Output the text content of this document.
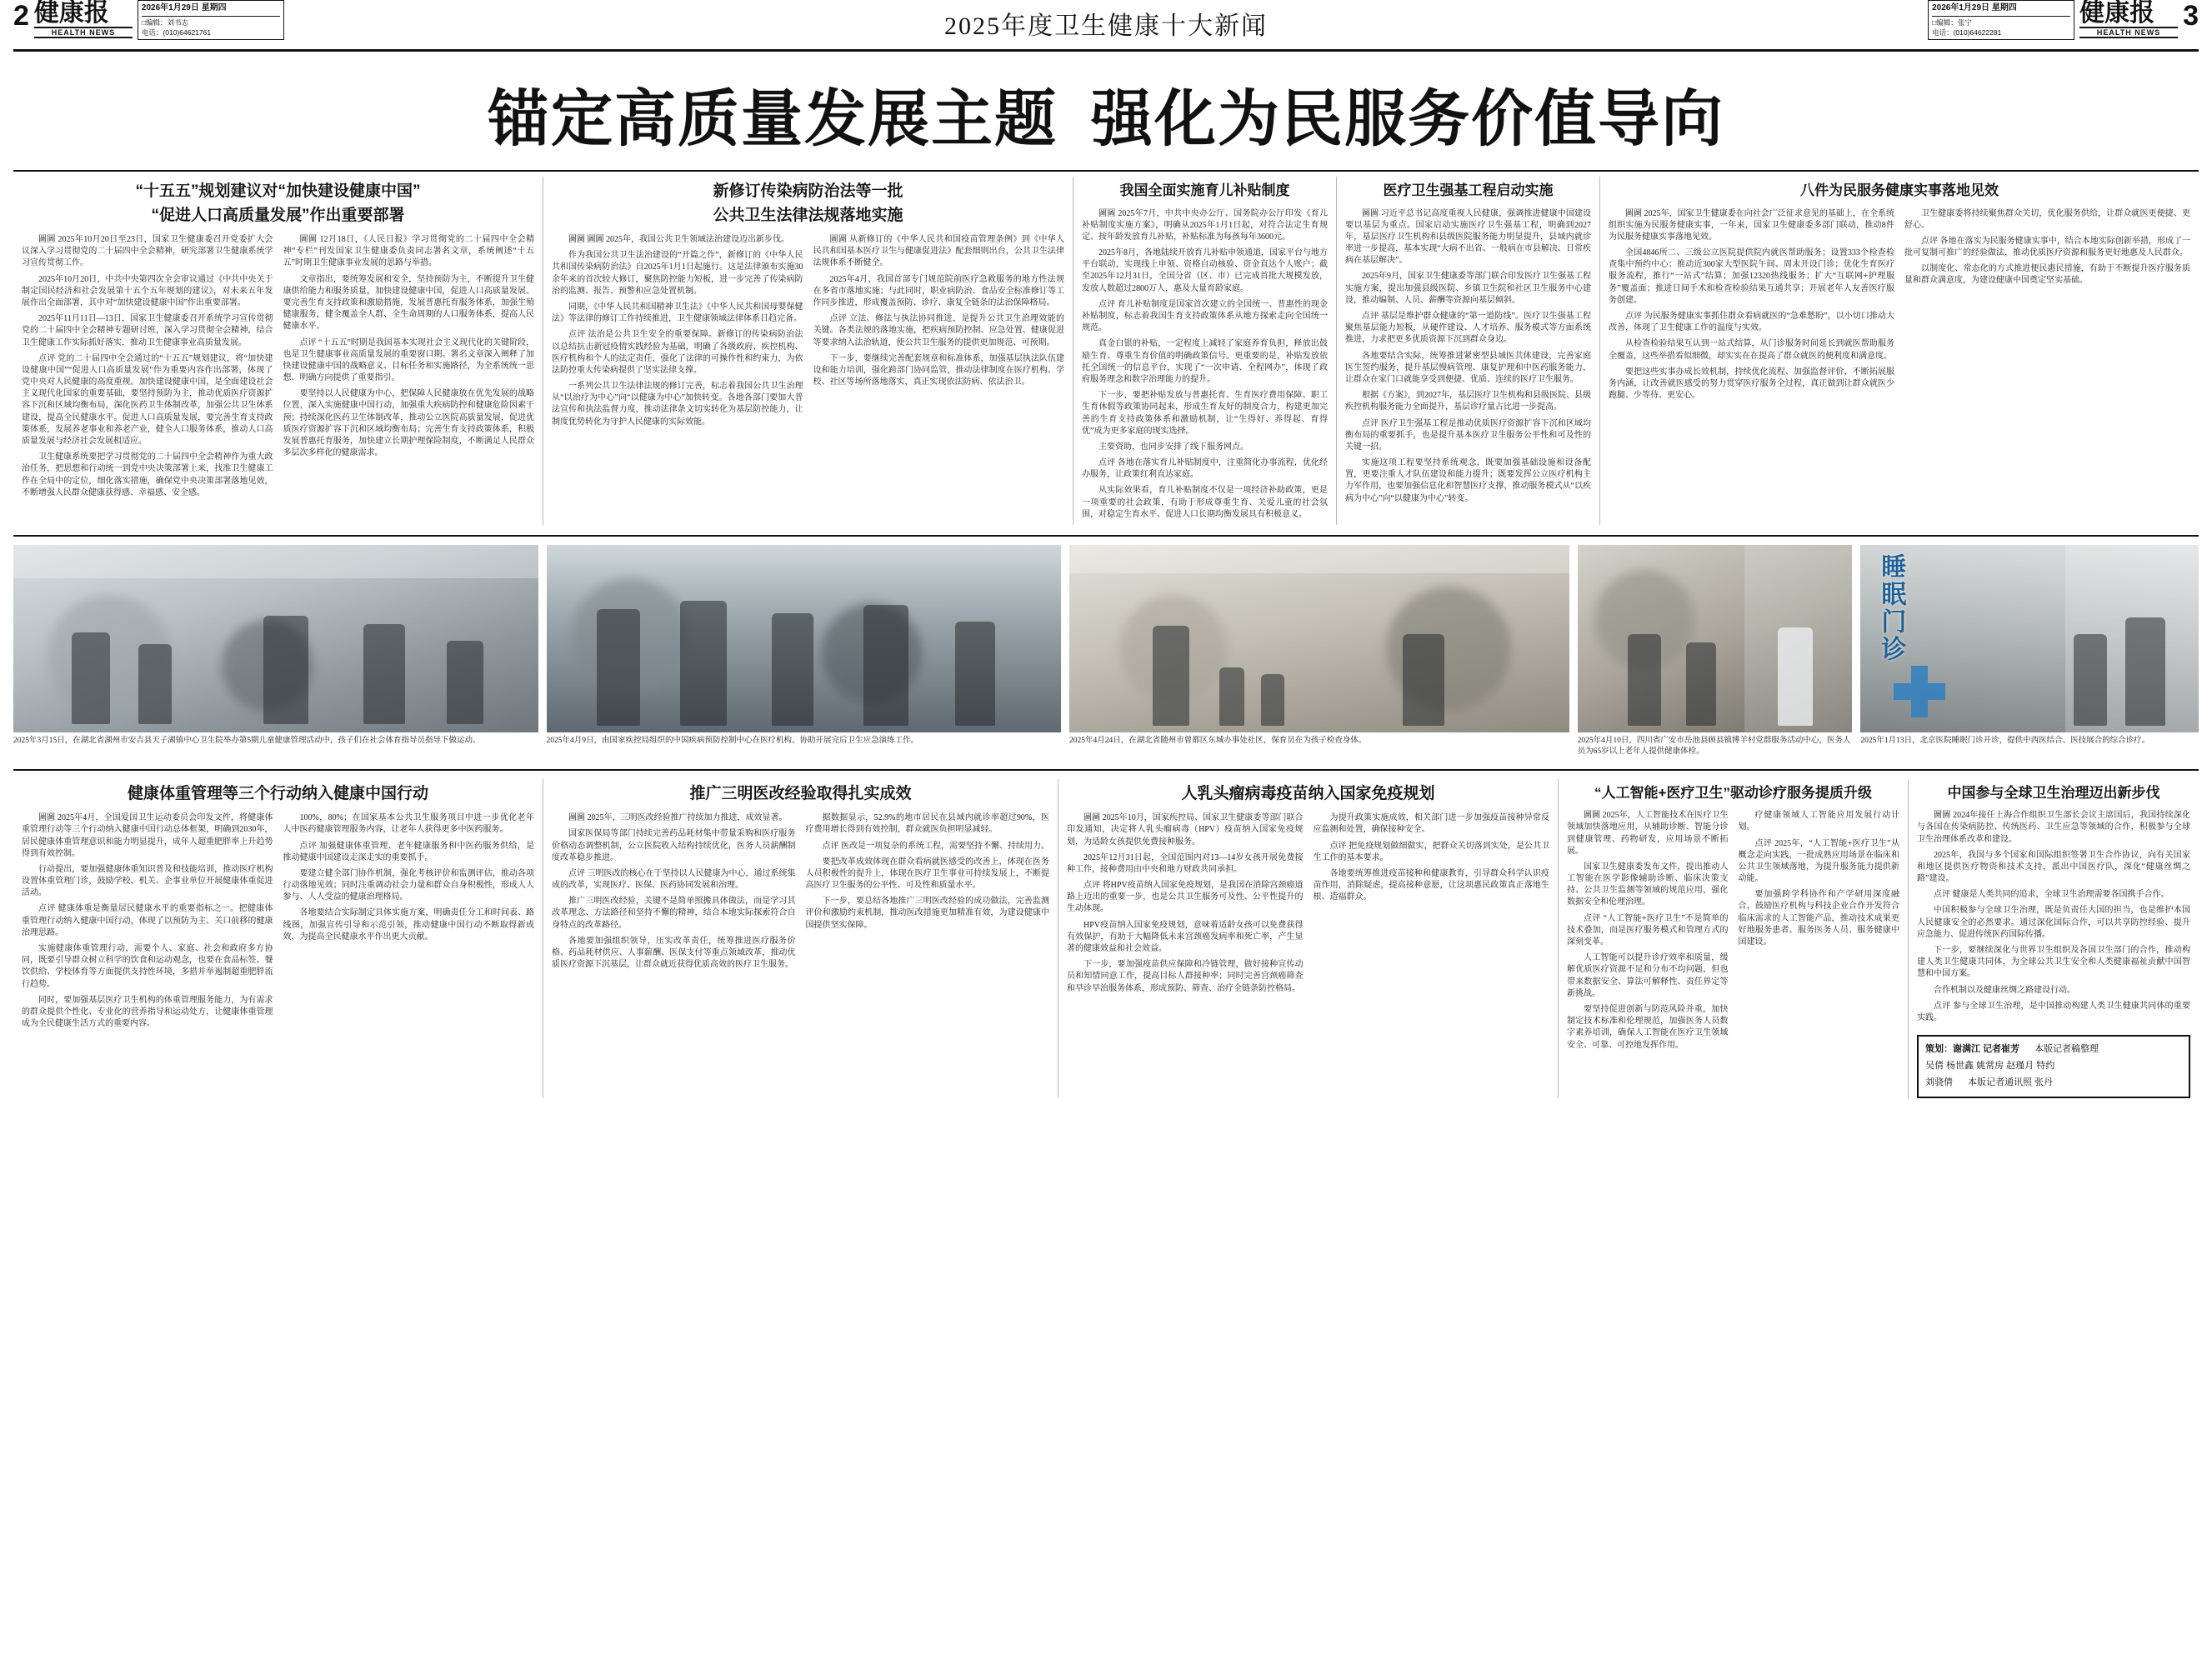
2 健康报
HEALTH NEWS
2026年1月29日 星期四
□编辑：刘书志
电话：(010)64621761	2025年度卫生健康十大新闻
2026年1月29日 星期四
□编辑：张宁
电话：(010)64622281
健康报
HEALTH NEWS
3
锚定高质量发展主题 强化为民服务价值导向
“十五五”规划建议对“加快建设健康中国”
“促进人口高质量发展”作出重要部署

圖圖 2025年10月20日至23日，国家卫生健康委召开党委扩大会议深入学习贯彻党的二十届四中全会精神，研究部署卫生健康系统学习宣传贯彻工作。

2025年10月20日，中共中央第四次全会审议通过《中共中央关于制定国民经济和社会发展第十五个五年规划的建议》，对未来五年发展作出全面部署，其中对“加快建设健康中国”作出重要部署。

2025年11月11日—13日，国家卫生健康委召开系统学习宣传贯彻党的二十届四中全会精神专题研讨班，深入学习贯彻全会精神，结合卫生健康工作实际抓好落实，推动卫生健康事业高质量发展。

点评 党的二十届四中全会通过的“十五五”规划建议，将“加快建设健康中国”“促进人口高质量发展”作为重要内容作出部署，体现了党中央对人民健康的高度重视。加快建设健康中国，是全面建设社会主义现代化国家的重要基础，要坚持预防为主，推动优质医疗资源扩容下沉和区域均衡布局，深化医药卫生体制改革，加强公共卫生体系建设，提高全民健康水平。促进人口高质量发展，要完善生育支持政策体系，发展养老事业和养老产业，健全人口服务体系，推动人口高质量发展与经济社会发展相适应。

卫生健康系统要把学习贯彻党的二十届四中全会精神作为重大政治任务，把思想和行动统一到党中央决策部署上来，找准卫生健康工作在全局中的定位，细化落实措施，确保党中央决策部署落地见效，不断增强人民群众健康获得感、幸福感、安全感。

圖圖 12月18日，《人民日报》学习贯彻党的二十届四中全会精神“专栏”刊发国家卫生健康委负责同志署名文章，系统阐述“十五五”时期卫生健康事业发展的思路与举措。

文章指出，要统筹发展和安全，坚持预防为主，不断提升卫生健康供给能力和服务质量，加快建设健康中国，促进人口高质量发展。要完善生育支持政策和激励措施，发展普惠托育服务体系，加强生殖健康服务，健全覆盖全人群、全生命周期的人口服务体系，提高人民健康水平。

点评 “十五五”时期是我国基本实现社会主义现代化的关键阶段，也是卫生健康事业高质量发展的重要窗口期。署名文章深入阐释了加快建设健康中国的战略意义、目标任务和实施路径，为全系统统一思想、明确方向提供了重要指引。

要坚持以人民健康为中心，把保障人民健康放在优先发展的战略位置，深入实施健康中国行动，加强重大疾病防控和健康危险因素干预；持续深化医药卫生体制改革，推动公立医院高质量发展，促进优质医疗资源扩容下沉和区域均衡布局；完善生育支持政策体系，积极发展普惠托育服务，加快建立长期护理保险制度，不断满足人民群众多层次多样化的健康需求。

新修订传染病防治法等一批
公共卫生法律法规落地实施

圖圖 圖圖 2025年，我国公共卫生领域法治建设迈出新步伐。

作为我国公共卫生法治建设的“开篇之作”，新修订的《中华人民共和国传染病防治法》自2025年1月1日起施行。这是法律颁布实施30余年来的首次较大修订，聚焦防控能力短板，进一步完善了传染病防治的监测、报告、预警和应急处置机制。

同期，《中华人民共和国精神卫生法》《中华人民共和国母婴保健法》等法律的修订工作持续推进，卫生健康领域法律体系日趋完备。

点评 法治是公共卫生安全的重要保障。新修订的传染病防治法以总结抗击新冠疫情实践经验为基础，明确了各级政府、疾控机构、医疗机构和个人的法定责任，强化了法律的可操作性和约束力，为依法防控重大传染病提供了坚实法律支撑。

一系列公共卫生法律法规的修订完善，标志着我国公共卫生治理从“以治疗为中心”向“以健康为中心”加快转变。各地各部门要加大普法宣传和执法监督力度，推动法律条文切实转化为基层防控能力，让制度优势转化为守护人民健康的实际效能。

圖圖 从新修订的《中华人民共和国疫苗管理条例》到《中华人民共和国基本医疗卫生与健康促进法》配套细则出台，公共卫生法律法规体系不断健全。

2025年4月，我国首部专门规范院前医疗急救服务的地方性法规在多省市落地实施；与此同时，职业病防治、食品安全标准修订等工作同步推进，形成覆盖预防、诊疗、康复全链条的法治保障格局。

点评 立法、修法与执法协同推进，是提升公共卫生治理效能的关键。各类法规的落地实施，把疾病预防控制、应急处置、健康促进等要求纳入法治轨道，使公共卫生服务的提供更加规范、可预期。

下一步，要继续完善配套规章和标准体系，加强基层执法队伍建设和能力培训，强化跨部门协同监管，推动法律制度在医疗机构、学校、社区等场所落地落实，真正实现依法防病、依法治卫。

我国全面实施育儿补贴制度

圖圖 2025年7月，中共中央办公厅、国务院办公厅印发《育儿补贴制度实施方案》，明确从2025年1月1日起，对符合法定生育规定、按年龄发放育儿补贴，补贴标准为每孩每年3600元。

2025年8月，各地陆续开放育儿补贴申领通道，国家平台与地方平台联动，实现线上申领、资格自动核验、资金直达个人账户；截至2025年12月31日，全国分省（区、市）已完成首批大规模发放，发放人数超过2800万人，惠及大量育龄家庭。

点评 育儿补贴制度是国家首次建立的全国统一、普惠性的现金补贴制度，标志着我国生育支持政策体系从地方探索走向全国统一规范。

真金白银的补贴，一定程度上减轻了家庭养育负担，释放出鼓励生育、尊重生育价值的明确政策信号。更重要的是，补贴发放依托全国统一的信息平台，实现了“一次申请、全程网办”，体现了政府服务理念和数字治理能力的提升。

下一步，要把补贴发放与普惠托育、生育医疗费用保障、职工生育休假等政策协同起来，形成生育友好的制度合力，构建更加完善的生育支持政策体系和激励机制，让“生得好、养得起、育得优”成为更多家庭的现实选择。

主要资助，也同步安排了线下服务网点。

点评 各地在落实育儿补贴制度中，注重简化办事流程，优化经办服务，让政策红利直达家庭。

从实际效果看，育儿补贴制度不仅是一项经济补助政策，更是一项重要的社会政策，有助于形成尊重生育、关爱儿童的社会氛围，对稳定生育水平、促进人口长期均衡发展具有积极意义。

医疗卫生强基工程启动实施

圖圖 习近平总书记高度重视人民健康，强调推进健康中国建设要以基层为重点。国家启动实施医疗卫生强基工程，明确到2027年，基层医疗卫生机构和县级医院服务能力明显提升，县域内就诊率进一步提高，基本实现“大病不出省、一般病在市县解决、日常疾病在基层解决”。

2025年9月，国家卫生健康委等部门联合印发医疗卫生强基工程实施方案，提出加强县级医院、乡镇卫生院和社区卫生服务中心建设，推动编制、人员、薪酬等资源向基层倾斜。

点评 基层是维护群众健康的“第一道防线”。医疗卫生强基工程聚焦基层能力短板，从硬件建设、人才培养、服务模式等方面系统推进，力求把更多优质资源下沉到群众身边。

各地要结合实际，统筹推进紧密型县域医共体建设，完善家庭医生签约服务，提升基层慢病管理、康复护理和中医药服务能力，让群众在家门口就能享受到便捷、优质、连续的医疗卫生服务。

根据《方案》，到2027年，基层医疗卫生机构和县级医院、县级疾控机构服务能力全面提升，基层诊疗量占比进一步提高。

点评 医疗卫生强基工程是推动优质医疗资源扩容下沉和区域均衡布局的重要抓手，也是提升基本医疗卫生服务公平性和可及性的关键一招。

实施这项工程要坚持系统观念，既要加强基础设施和设备配置，更要注重人才队伍建设和能力提升；既要发挥公立医疗机构主力军作用，也要加强信息化和智慧医疗支撑，推动服务模式从“以疾病为中心”向“以健康为中心”转变。

八件为民服务健康实事落地见效

圖圖 2025年，国家卫生健康委在向社会广泛征求意见的基础上，在全系统组织实施为民服务健康实事，一年来，国家卫生健康委多部门联动，推动8件为民服务健康实事落地见效。

全国4846所二、三级公立医院提供院内就医帮助服务；设置333个检查检查集中预约中心；推动近300家大型医院午间、周末开设门诊；优化生育医疗服务流程，推行“一站式”结算；加强12320热线服务；扩大“互联网+护理服务”覆盖面；推进日间手术和检查检验结果互通共享；开展老年人友善医疗服务创建。

点评 为民服务健康实事抓住群众看病就医的“急难愁盼”，以小切口推动大改善，体现了卫生健康工作的温度与实效。

从检查检验结果互认到一站式结算，从门诊服务时间延长到就医帮助服务全覆盖，这些举措看似细微，却实实在在提高了群众就医的便利度和满意度。

要把这些实事办成长效机制，持续优化流程、加强监督评价，不断拓展服务内涵，让改善就医感受的努力贯穿医疗服务全过程，真正做到让群众就医少跑腿、少等待、更安心。

卫生健康委将持续聚焦群众关切，优化服务供给，让群众就医更便捷、更舒心。

点评 各地在落实为民服务健康实事中，结合本地实际创新举措，形成了一批可复制可推广的经验做法，推动优质医疗资源和服务更好地惠及人民群众。

以制度化、常态化的方式推进便民惠民措施，有助于不断提升医疗服务质量和群众满意度，为建设健康中国奠定坚实基础。

2025年3月15日，在湖北省湖州市安吉县天子湖镇中心卫生院举办第5期儿童健康管理活动中，孩子们在社会体育指导员指导下做运动。	2025年4月9日，由国家疾控局组织的中国疾病预防控制中心在医疗机构、协助开展完后卫生应急演练工作。	2025年4月24日，在湖北省随州市曾都区东城办事处社区，保育员在为孩子检查身体。	2025年4月10日，四川省广安市岳池县顾县镇博羊村党群服务活动中心，医务人员为65岁以上老年人提供健康体检。
睡眠门诊
2025年1月13日，北京医院睡眠门诊开诊，提供中西医结合、医技展合的综合诊疗。
健康体重管理等三个行动纳入健康中国行动

圖圖 2025年4月，全国爱国卫生运动委员会印发文件，将健康体重管理行动等三个行动纳入健康中国行动总体框架，明确到2030年，居民健康体重管理意识和能力明显提升，成年人超重肥胖率上升趋势得到有效控制。

行动提出，要加强健康体重知识普及和技能培训，推动医疗机构设置体重管理门诊，鼓励学校、机关、企事业单位开展健康体重促进活动。

点评 健康体重是衡量居民健康水平的重要指标之一。把健康体重管理行动纳入健康中国行动，体现了以预防为主、关口前移的健康治理思路。

实施健康体重管理行动，需要个人、家庭、社会和政府多方协同，既要引导群众树立科学的饮食和运动观念，也要在食品标签、餐饮供给、学校体育等方面提供支持性环境，多措并举遏制超重肥胖流行趋势。

同时，要加强基层医疗卫生机构的体重管理服务能力，为有需求的群众提供个性化、专业化的营养指导和运动处方，让健康体重管理成为全民健康生活方式的重要内容。

100%，80%；在国家基本公共卫生服务项目中进一步优化老年人中医药健康管理服务内容，让老年人获得更多中医药服务。

点评 加强健康体重管理、老年健康服务和中医药服务供给，是推动健康中国建设走深走实的重要抓手。

要建立健全部门协作机制，强化考核评价和监测评估，推动各项行动落地见效；同时注重调动社会力量和群众自身积极性，形成人人参与、人人受益的健康治理格局。

各地要结合实际制定具体实施方案，明确责任分工和时间表、路线图，加强宣传引导和示范引领，推动健康中国行动不断取得新成效，为提高全民健康水平作出更大贡献。

推广三明医改经验取得扎实成效

圖圖 2025年，三明医改经验推广持续加力推进，成效显著。

国家医保局等部门持续完善药品耗材集中带量采购和医疗服务价格动态调整机制，公立医院收入结构持续优化，医务人员薪酬制度改革稳步推进。

点评 三明医改的核心在于坚持以人民健康为中心，通过系统集成的改革，实现医疗、医保、医药协同发展和治理。

推广三明医改经验，关键不是简单照搬具体做法，而是学习其改革理念、方法路径和坚持不懈的精神，结合本地实际探索符合自身特点的改革路径。

各地要加强组织领导，压实改革责任，统筹推进医疗服务价格、药品耗材供应、人事薪酬、医保支付等重点领域改革，推动优质医疗资源下沉基层，让群众就近获得优质高效的医疗卫生服务。

据数据显示，52.9%的地市居民在县域内就诊率超过90%，医疗费用增长得到有效控制，群众就医负担明显减轻。

点评 医改是一项复杂的系统工程，需要坚持不懈、持续用力。

要把改革成效体现在群众看病就医感受的改善上，体现在医务人员积极性的提升上，体现在医疗卫生事业可持续发展上，不断提高医疗卫生服务的公平性、可及性和质量水平。

下一步，要总结各地推广三明医改经验的成功做法，完善监测评价和激励约束机制，推动医改措施更加精准有效，为建设健康中国提供坚实保障。

人乳头瘤病毒疫苗纳入国家免疫规划

圖圖 2025年10月，国家疾控局、国家卫生健康委等部门联合印发通知，决定将人乳头瘤病毒（HPV）疫苗纳入国家免疫规划，为适龄女孩提供免费接种服务。

2025年12月31日起，全国范围内对13—14岁女孩开展免费接种工作，接种费用由中央和地方财政共同承担。

点评 将HPV疫苗纳入国家免疫规划，是我国在消除宫颈癌道路上迈出的重要一步，也是公共卫生服务可及性、公平性提升的生动体现。

HPV疫苗纳入国家免疫规划，意味着适龄女孩可以免费获得有效保护，有助于大幅降低未来宫颈癌发病率和死亡率，产生显著的健康效益和社会效益。

下一步，要加强疫苗供应保障和冷链管理，做好接种宣传动员和知情同意工作，提高目标人群接种率；同时完善宫颈癌筛查和早诊早治服务体系，形成预防、筛查、治疗全链条防控格局。

为提升政策实施成效，相关部门进一步加强疫苗接种异常反应监测和处置，确保接种安全。

点评 把免疫规划做细做实，把群众关切落到实处，是公共卫生工作的基本要求。

各地要统筹推进疫苗接种和健康教育，引导群众科学认识疫苗作用，消除疑虑，提高接种意愿，让这项惠民政策真正落地生根、造福群众。

“人工智能+医疗卫生”驱动诊疗服务提质升级

圖圖 2025年，人工智能技术在医疗卫生领域加快落地应用，从辅助诊断、智能分诊到健康管理、药物研发，应用场景不断拓展。

国家卫生健康委发布文件，提出推动人工智能在医学影像辅助诊断、临床决策支持、公共卫生监测等领域的规范应用，强化数据安全和伦理治理。

点评 “人工智能+医疗卫生”不是简单的技术叠加，而是医疗服务模式和管理方式的深刻变革。

人工智能可以提升诊疗效率和质量，缓解优质医疗资源不足和分布不均问题，但也带来数据安全、算法可解释性、责任界定等新挑战。

要坚持促进创新与防范风险并重，加快制定技术标准和伦理规范，加强医务人员数字素养培训，确保人工智能在医疗卫生领域安全、可靠、可控地发挥作用。

疗健康领域人工智能应用发展行动计划。

点评 2025年，“人工智能+医疗卫生”从概念走向实践，一批成熟应用场景在临床和公共卫生领域落地，为提升服务能力提供新动能。

要加强跨学科协作和产学研用深度融合，鼓励医疗机构与科技企业合作开发符合临床需求的人工智能产品，推动技术成果更好地服务患者、服务医务人员、服务健康中国建设。

中国参与全球卫生治理迈出新步伐

圖圖 2024年接任上海合作组织卫生部长会议主席国后，我国持续深化与各国在传染病防控、传统医药、卫生应急等领域的合作，积极参与全球卫生治理体系改革和建设。

2025年，我国与多个国家和国际组织签署卫生合作协议，向有关国家和地区提供医疗物资和技术支持，派出中国医疗队，深化“健康丝绸之路”建设。

点评 健康是人类共同的追求，全球卫生治理需要各国携手合作。

中国积极参与全球卫生治理，既是负责任大国的担当，也是维护本国人民健康安全的必然要求。通过深化国际合作，可以共享防控经验、提升应急能力、促进传统医药国际传播。

下一步，要继续深化与世界卫生组织及各国卫生部门的合作，推动构建人类卫生健康共同体，为全球公共卫生安全和人类健康福祉贡献中国智慧和中国方案。

合作机制以及健康丝绸之路建设行动。

点评 参与全球卫生治理，是中国推动构建人类卫生健康共同体的重要实践。

策划：谢满江 记者崔芳 本版记者稿整理
吴倩 杨世鑫 姚常房 赵瑾月 特约
刘骁倩 本版记者通讯照 张丹
